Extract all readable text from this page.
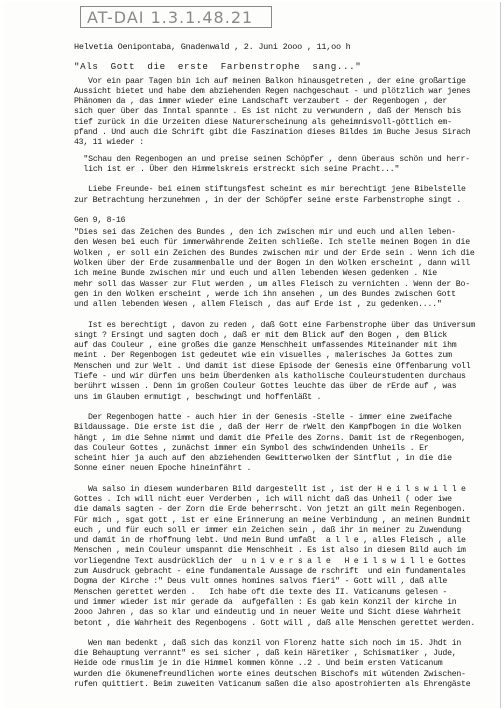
AT-DAI 1.3.1.48.21
Helvetia Oenipontaba, Gnadenwald , 2. Juni 2ooo , 11,oo h
"Als  Gott  die  erste  Farbenstrophe  sang..."
Vor ein paar Tagen bin ich auf meinen Balkon hinausgetreten , der eine großartige
Aussicht bietet und habe dem abziehenden Regen nachgeschaut - und plötzlich war jenes
Phänomen da , das immer wieder eine Landschaft verzaubert - der Regenbogen , der
sich quer über das Inntal spannte . Es ist nicht zu verwundern , daß der Mensch bis
tief zurück in die Urzeiten diese Naturerscheinung als geheimnisvoll-göttlich em-
pfand . Und auch die Schrift gibt die Faszination dieses Bildes im Buche Jesus Sirach
43, 11 wieder :
"Schau den Regenbogen an und preise seinen Schöpfer , denn überaus schön und herr-
lich ist er . Über den Himmelskreis erstreckt sich seine Pracht..."
Liebe Freunde- bei einem stiftungsfest scheint es mir berechtigt jene Bibelstelle
zur Betrachtung herzunehmen , in der der Schöpfer seine erste Farbenstrophe singt .
Gen 9, 8-16
"Dies sei das Zeichen des Bundes , den ich zwischen mir und euch und allen leben-
den Wesen bei euch für immerwährende Zeiten schließe. Ich stelle meinen Bogen in die
Wolken , er soll ein Zeichen des Bundes zwischen mir und der Erde sein . Wenn ich die
Wolken über der Erde zusammenballe und der Bogen in den Wolken erscheint , dann will
ich meine Bunde zwischen mir und euch und allen lebenden Wesen gedenken . Nie
mehr soll das Wasser zur Flut werden , um alles Fleisch zu vernichten . Wenn der Bo-
gen in den Wolken erscheint , werde ich ihn ansehen , um des Bundes zwischen Gott
und allen lebenden Wesen , allem Fleisch , das auf Erde ist , zu gedenken...."
Ist es berechtigt , davon zu reden , daß Gott eine Farbenstrophe über das Universum
singt ? Ersingt und sagten doch , daß er mit dem Blick auf den Bogen , dem Blick
auf das Couleur , eine großes die ganze Menschheit umfassendes Miteinander mit ihm
meint . Der Regenbogen ist gedeutet wie ein visuelles , malerisches Ja Gottes zum
Menschen und zur Welt . Und damit ist diese Episode der Genesis eine Offenbarung voll
Tiefe - und wir dürfen uns beim Überdenken als katholische Couleurstudenten durchaus
berührt wissen . Denn im großen Couleur Gottes leuchte das über de rErde auf , was
uns im Glauben ermutigt , beschwingt und hoffenläßt .
Der Regenbogen hatte - auch hier in der Genesis -Stelle - immer eine zweifache
Bildaussage. Die erste ist die , daß der Herr de rWelt den Kampfbogen in die Wolken
hängt , im die Sehne nimmt und damit die Pfeile des Zorns. Damit ist de rRegenbogen,
das Couleur Gottes , zunächst immer ein Symbol des schwindenden Unheils . Er
scheint hier ja auch auf den abziehenden Gewitterwolken der Sintflut , in die die
Sonne einer neuen Epoche hineinfährt .
Wa salso in diesem wunderbaren Bild dargestellt ist , ist der H e i l s w i l l e
Gottes . Ich will nicht euer Verderben , ich will nicht daß das Unheil ( oder iwe
die damals sagten - der Zorn die Erde beherrscht. Von jetzt an gilt mein Regenbogen.
Für mich , sgat gott , ist er eine Erinnerung an meine Verbindung , an meinen Bundmit
euch , und für euch soll er immer ein Zeichen sein , daß ihr in meiner zu Zuwendung
und damit in de rhoffnung lebt. Und mein Bund umfaßt  a l l e , alles Fleisch , alle
Menschen , mein Couleur umspannt die Menschheit . Es ist also in diesem Bild auch im
vorliegendne Text ausdrücklich der  u n i v e r s a l e   H e i l s w i l l e Gottes
zum Ausdruck gebracht - eine fundamentale Aussage de rschrift  und ein fundamentales
Dogma der Kirche :" Deus vult omnes homines salvos fieri" - Gott will , daß alle
Menschen gerettet werden .   Ich habe oft die texte des II. Vaticanums gelesen -
und immer wieder ist mir gerade da  aufgefallen : Es gab kein Konzil der kirche in
2ooo Jahren , das so klar und eindeutig und in neuer Weite und Sicht diese Wahrheit
betont , die Wahrheit des Regenbogens . Gott will , daß alle Menschen gerettet werden.
Wen man bedenkt , daß sich das konzil von Florenz hatte sich noch im 15. Jhdt in
die Behauptung verrannt" es sei sicher , daß kein Häretiker , Schismatiker , Jude,
Heide ode rmuslim je in die Himmel kommen könne ..2 . Und beim ersten Vaticanum
wurden die ökumenefreundlichen worte eines deutschen Bischofs mit wütenden Zwischen-
rufen quittiert. Beim zuweiten Vaticanum saßen die also apostrohierten als Ehrengäste
